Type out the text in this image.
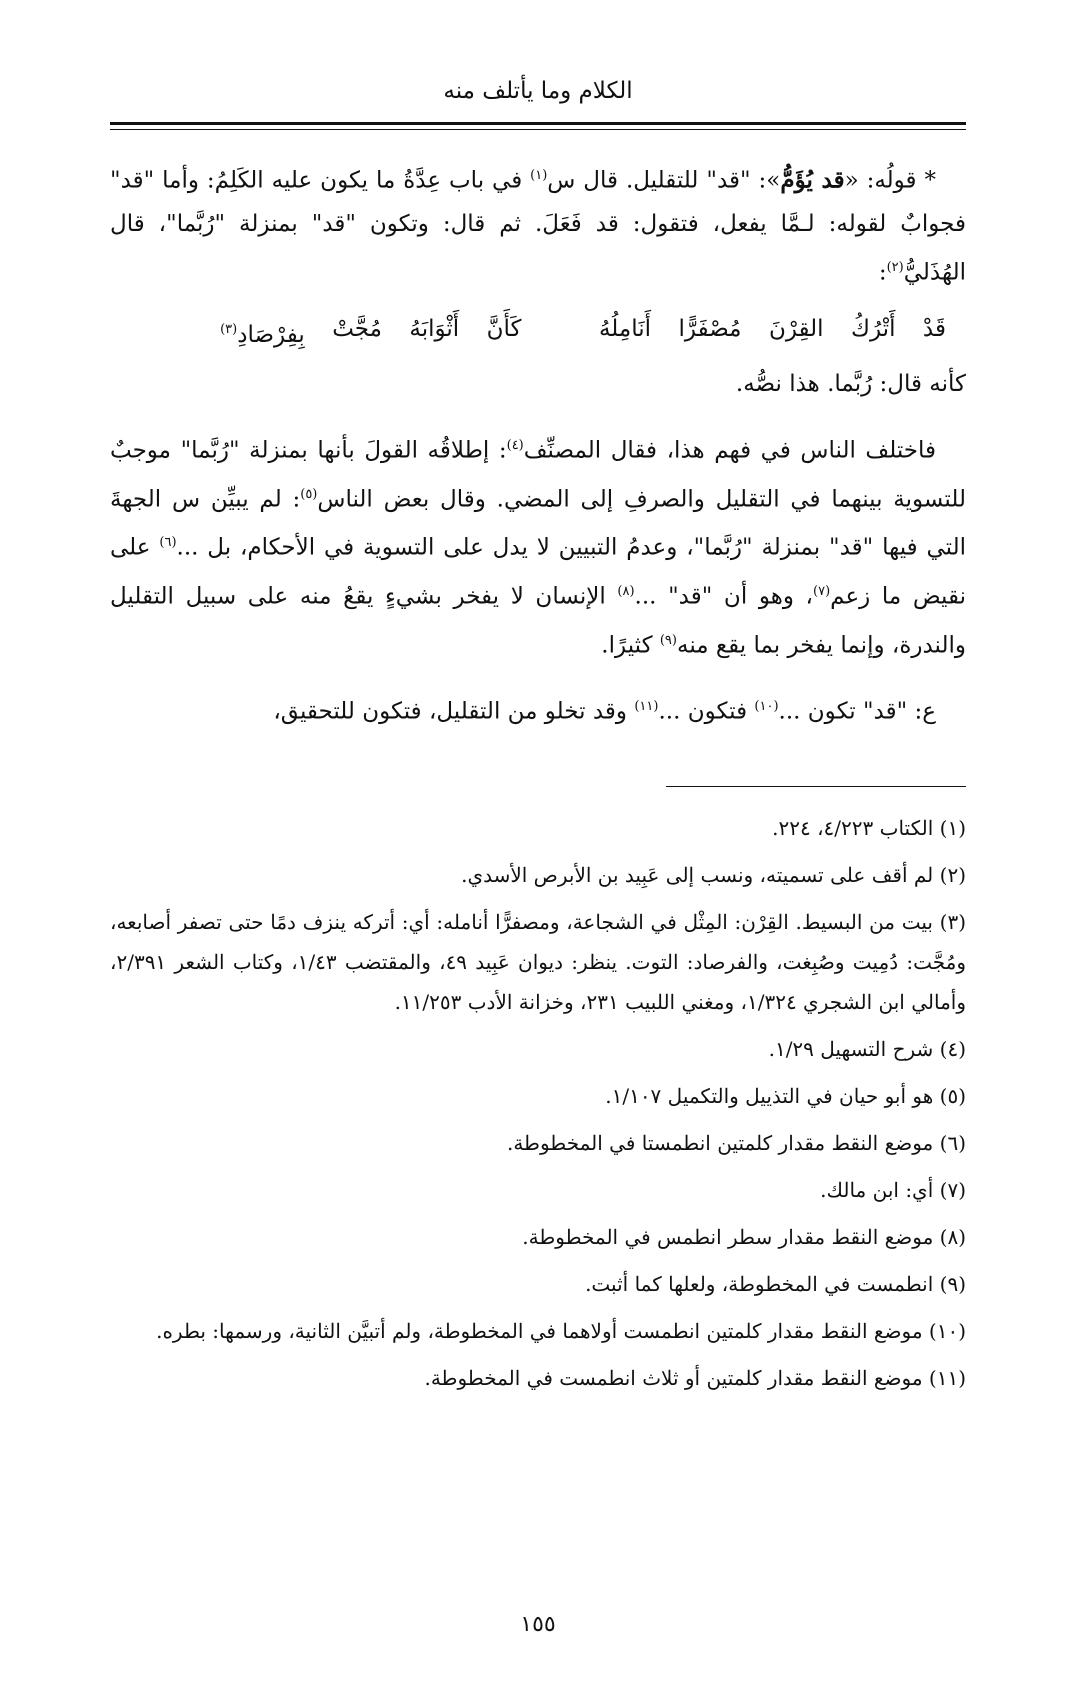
الكلام وما يأتلف منه

* قولُه: «قد يُؤَمُّ»: "قد" للتقليل. قال س$^{(١)}$ في باب عِدَّةُ ما يكون عليه الكَلِمُ: وأما "قد" فجوابٌ لقوله: لـمَّا يفعل، فتقول: قد فَعَلَ. ثم قال: وتكون "قد" بمنزلة "رُبَّما"، قال الهُذَليُّ$^{(٢)}$:

قَدْ
أَتْرُكُ
القِرْنَ
مُصْفَرًّا
أَنَامِلُهُ
كَأَنَّ
أَثْوَابَهُ
مُجَّتْ
بِفِرْصَادِ$^{(٣)}$

كأنه قال: رُبَّما. هذا نصُّه.

فاختلف الناس في فهم هذا، فقال المصنِّف$^{(٤)}$: إطلاقُه القولَ بأنها بمنزلة "رُبَّما" موجبٌ للتسوية بينهما في التقليل والصرفِ إلى المضي. وقال بعض الناس$^{(٥)}$: لم يبيِّن س الجهةَ التي فيها "قد" بمنزلة "رُبَّما"، وعدمُ التبيين لا يدل على التسوية في الأحكام، بل ...$^{(٦)}$ على نقيض ما زعم$^{(٧)}$، وهو أن "قد" ...$^{(٨)}$ الإنسان لا يفخر بشيءٍ يقعُ منه على سبيل التقليل والندرة، وإنما يفخر بما يقع منه$^{(٩)}$ كثيرًا.

ع: "قد" تكون ...$^{(١٠)}$ فتكون ...$^{(١١)}$ وقد تخلو من التقليل، فتكون للتحقيق،

(١) الكتاب ٤/٢٢٣، ٢٢٤.

(٢) لم أقف على تسميته، ونسب إلى عَبِيد بن الأبرص الأسدي.

(٣) بيت من البسيط. القِرْن: المِثْل في الشجاعة، ومصفرًّا أنامله: أي: أتركه ينزف دمًا حتى تصفر أصابعه، ومُجَّت: دُمِيت وصُبِغت، والفرصاد: التوت. ينظر: ديوان عَبِيد ٤٩، والمقتضب ١/٤٣، وكتاب الشعر ٢/٣٩١، وأمالي ابن الشجري ١/٣٢٤، ومغني اللبيب ٢٣١، وخزانة الأدب ١١/٢٥٣.

(٤) شرح التسهيل ١/٢٩.

(٥) هو أبو حيان في التذييل والتكميل ١/١٠٧.

(٦) موضع النقط مقدار كلمتين انطمستا في المخطوطة.

(٧) أي: ابن مالك.

(٨) موضع النقط مقدار سطر انطمس في المخطوطة.

(٩) انطمست في المخطوطة، ولعلها كما أثبت.

(١٠) موضع النقط مقدار كلمتين انطمست أولاهما في المخطوطة، ولم أتبيَّن الثانية، ورسمها: بطره.

(١١) موضع النقط مقدار كلمتين أو ثلاث انطمست في المخطوطة.

١٥٥
